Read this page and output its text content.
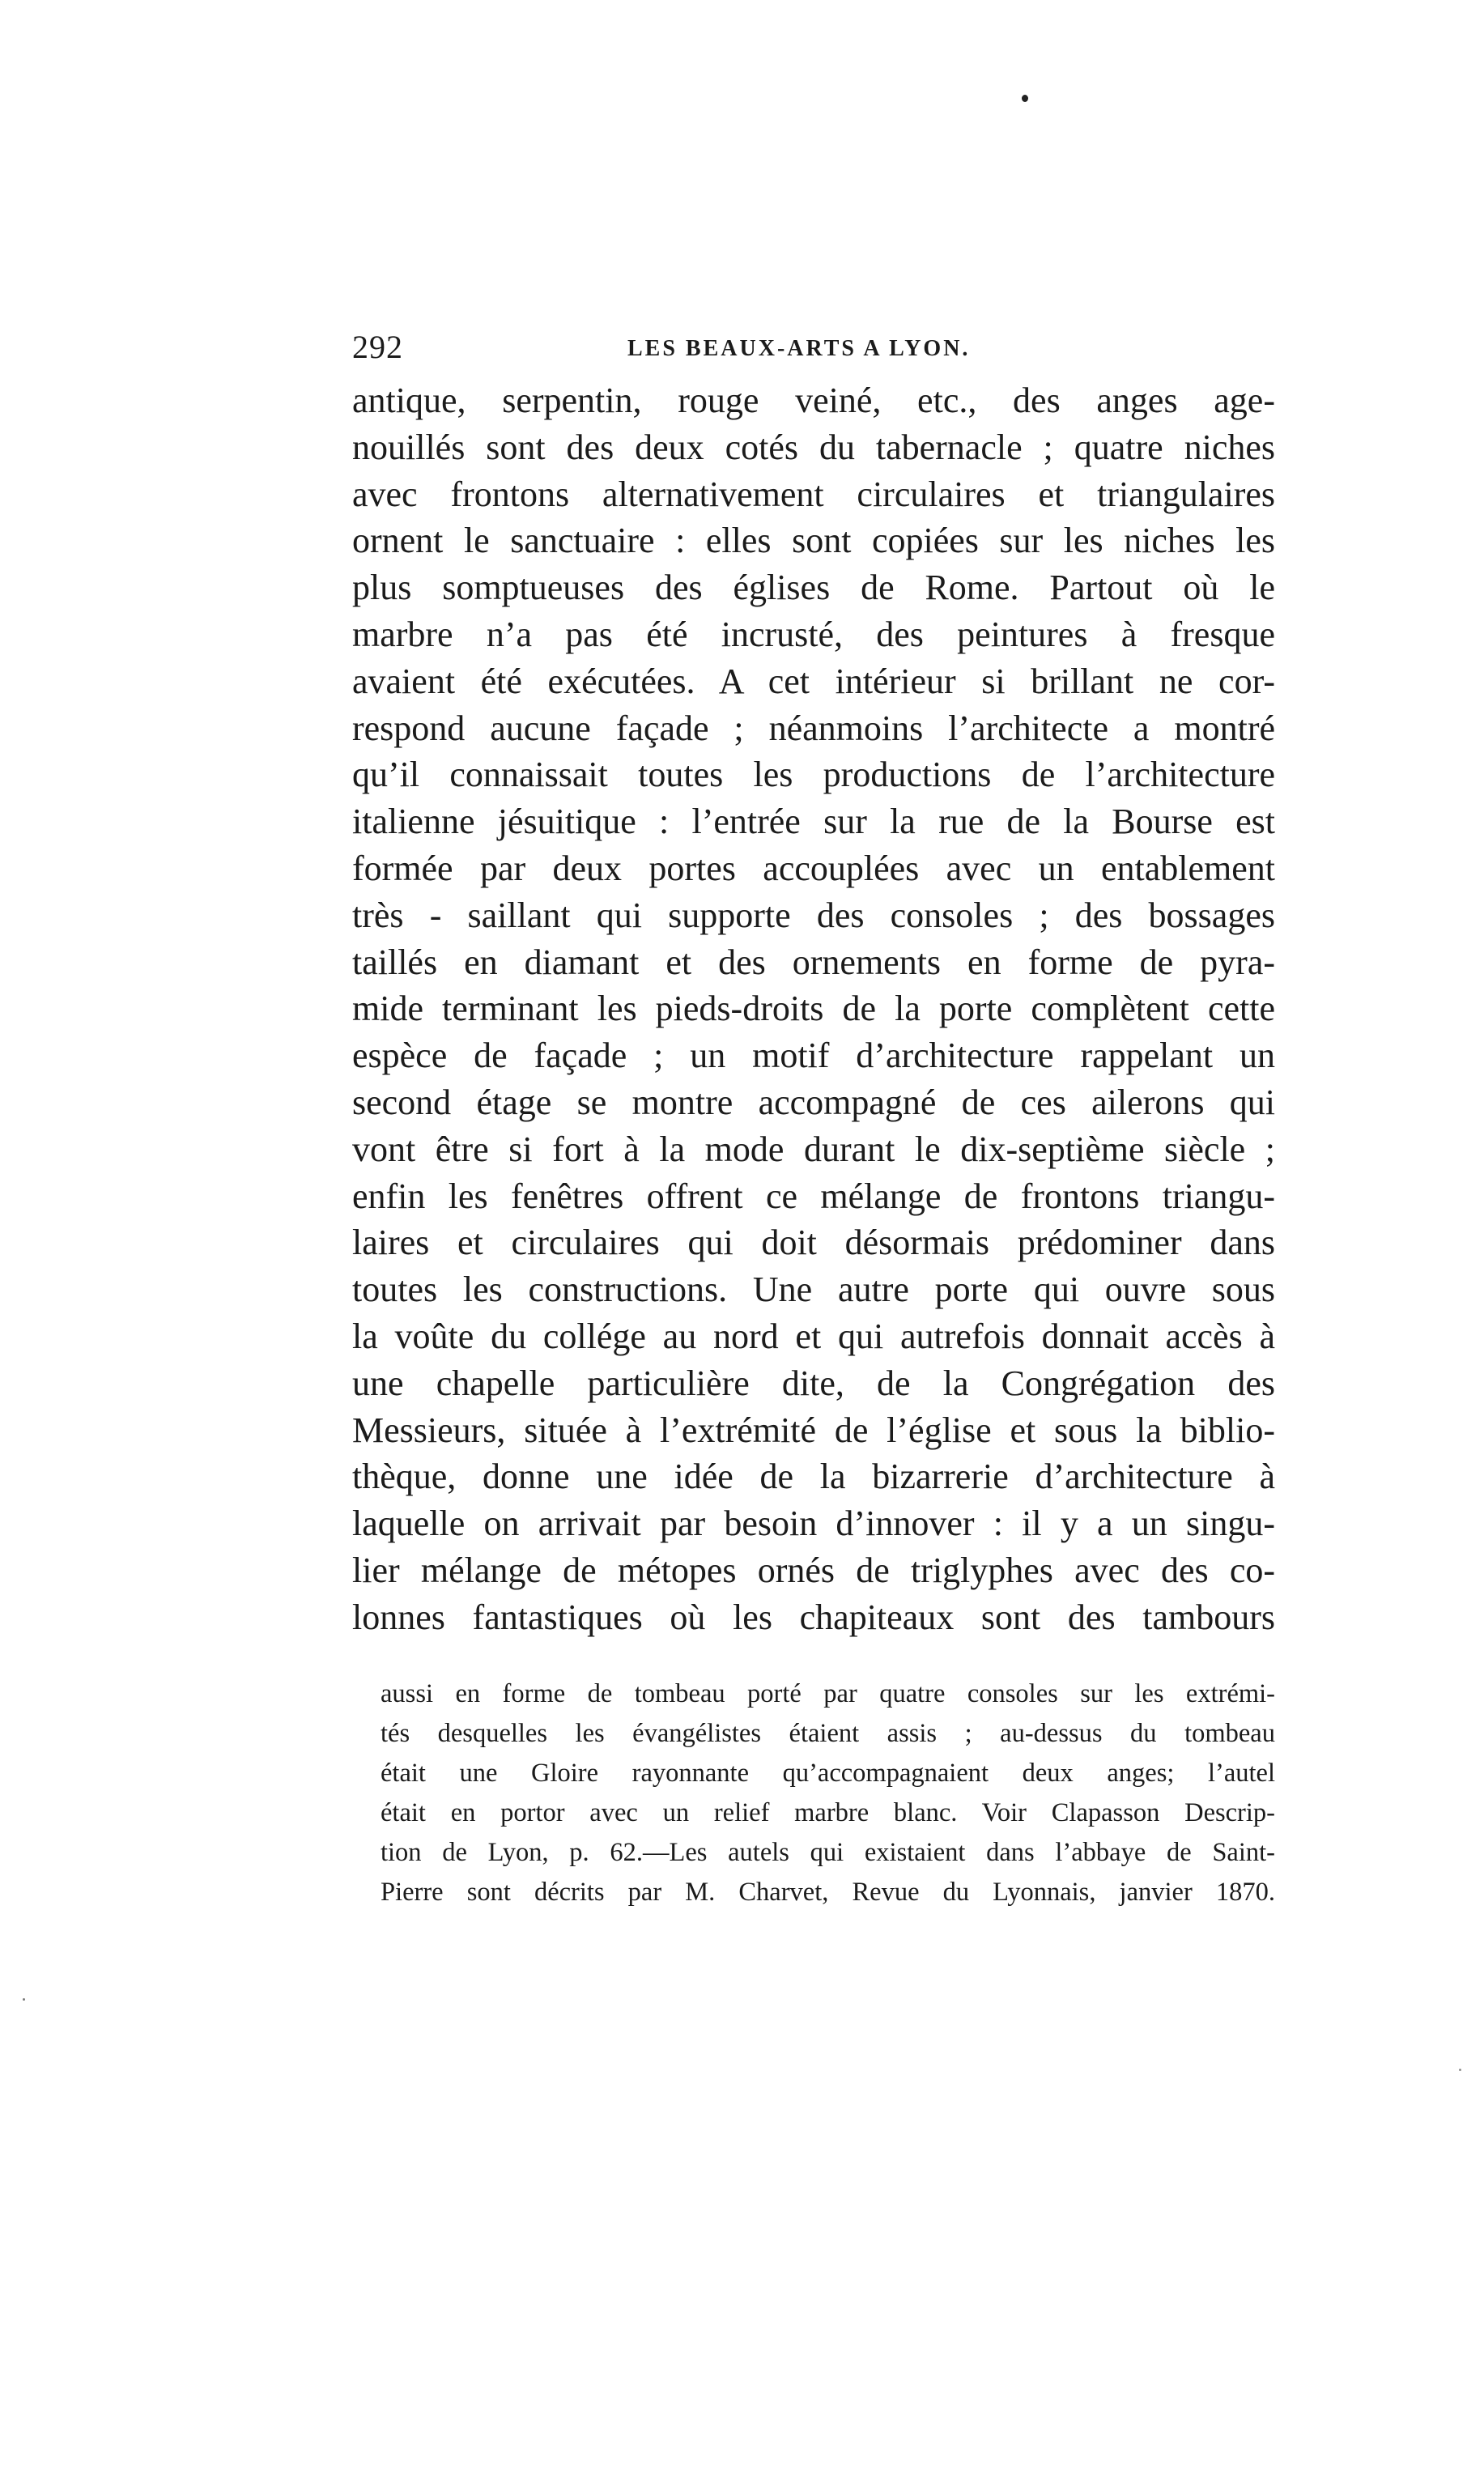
292	LES BEAUX-ARTS A LYON.
antique, serpentin, rouge veiné, etc., des anges age-
nouillés sont des deux cotés du tabernacle ; quatre niches
avec frontons alternativement circulaires et triangulaires
ornent le sanctuaire : elles sont copiées sur les niches les
plus somptueuses des églises de Rome. Partout où le
marbre n’a pas été incrusté, des peintures à fresque
avaient été exécutées. A cet intérieur si brillant ne cor-
respond aucune façade ; néanmoins l’architecte a montré
qu’il connaissait toutes les productions de l’architecture
italienne jésuitique : l’entrée sur la rue de la Bourse est
formée par deux portes accouplées avec un entablement
très - saillant qui supporte des consoles ; des bossages
taillés en diamant et des ornements en forme de pyra-
mide terminant les pieds-droits de la porte complètent cette
espèce de façade ; un motif d’architecture rappelant un
second étage se montre accompagné de ces ailerons qui
vont être si fort à la mode durant le dix-septième siècle ;
enfin les fenêtres offrent ce mélange de frontons triangu-
laires et circulaires qui doit désormais prédominer dans
toutes les constructions. Une autre porte qui ouvre sous
la voûte du collége au nord et qui autrefois donnait accès à
une chapelle particulière dite, de la Congrégation des
Messieurs, située à l’extrémité de l’église et sous la biblio-
thèque, donne une idée de la bizarrerie d’architecture à
laquelle on arrivait par besoin d’innover : il y a un singu-
lier mélange de métopes ornés de triglyphes avec des co-
lonnes fantastiques où les chapiteaux sont des tambours
aussi en forme de tombeau porté par quatre consoles sur les extrémi-
tés desquelles les évangélistes étaient assis ; au-dessus du tombeau
était une Gloire rayonnante qu’accompagnaient deux anges; l’autel
était en portor avec un relief marbre blanc. Voir Clapasson Descrip-
tion de Lyon, p. 62.—Les autels qui existaient dans l’abbaye de Saint-
Pierre sont décrits par M. Charvet, Revue du Lyonnais, janvier 1870.
